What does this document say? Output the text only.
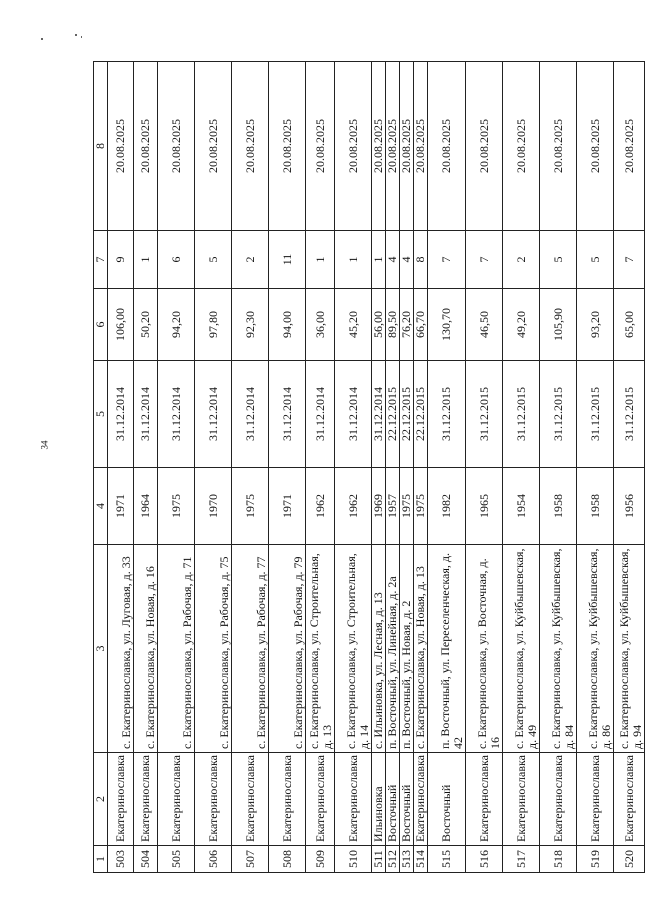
34
1	2	3	4	5	6	7	8
503	Екатеринославка	с. Екатеринославка, ул. Луговая, д. 33	1971	31.12.2014	106,00	9	20.08.2025
504	Екатеринославка	с. Екатеринославка, ул. Новая, д. 16	1964	31.12.2014	50,20	1	20.08.2025
505	Екатеринославка	с. Екатеринославка, ул. Рабочая, д. 71	1975	31.12.2014	94,20	6	20.08.2025
506	Екатеринославка	с. Екатеринославка, ул. Рабочая, д. 75	1970	31.12.2014	97,80	5	20.08.2025
507	Екатеринославка	с. Екатеринославка, ул. Рабочая, д. 77	1975	31.12.2014	92,30	2	20.08.2025
508	Екатеринославка	с. Екатеринославка, ул. Рабочая, д. 79	1971	31.12.2014	94,00	11	20.08.2025
509	Екатеринославка	с. Екатеринославка, ул. Строительная, д. 13	1962	31.12.2014	36,00	1	20.08.2025
510	Екатеринославка	с. Екатеринославка, ул. Строительная, д. 14	1962	31.12.2014	45,20	1	20.08.2025
511	Ильиновка	с. Ильиновка, ул. Лесная, д. 13	1969	31.12.2014	56,00	1	20.08.2025
512	Восточный	п. Восточный, ул. Линейная, д. 2а	1957	22.12.2015	89,50	4	20.08.2025
513	Восточный	п. Восточный, ул. Новая, д. 2	1975	22.12.2015	76,20	4	20.08.2025
514	Екатеринославка	с. Екатеринославка, ул. Новая, д. 13	1975	22.12.2015	66,70	8	20.08.2025
515	Восточный	п. Восточный, ул. Переселенческая, д. 42	1982	31.12.2015	130,70	7	20.08.2025
516	Екатеринославка	с. Екатеринославка, ул. Восточная, д. 16	1965	31.12.2015	46,50	7	20.08.2025
517	Екатеринославка	с. Екатеринославка, ул. Куйбышевская, д. 49	1954	31.12.2015	49,20	2	20.08.2025
518	Екатеринославка	с. Екатеринославка, ул. Куйбышевская, д. 84	1958	31.12.2015	105,90	5	20.08.2025
519	Екатеринославка	с. Екатеринославка, ул. Куйбышевская, д. 86	1958	31.12.2015	93,20	5	20.08.2025
520	Екатеринославка	с. Екатеринославка, ул. Куйбышевская, д. 94	1956	31.12.2015	65,00	7	20.08.2025
